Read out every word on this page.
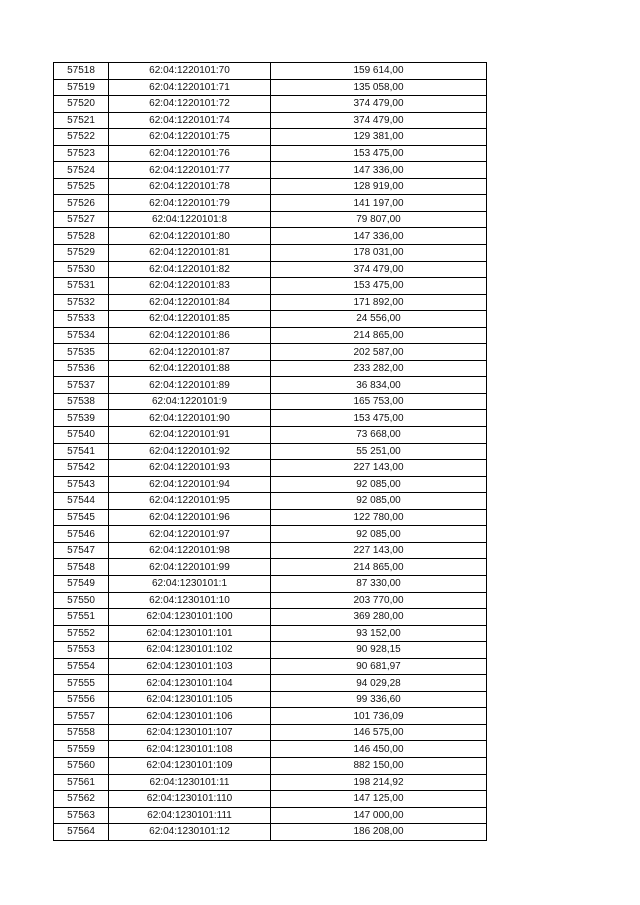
57518	62:04:1220101:70	159 614,00
57519	62:04:1220101:71	135 058,00
57520	62:04:1220101:72	374 479,00
57521	62:04:1220101:74	374 479,00
57522	62:04:1220101:75	129 381,00
57523	62:04:1220101:76	153 475,00
57524	62:04:1220101:77	147 336,00
57525	62:04:1220101:78	128 919,00
57526	62:04:1220101:79	141 197,00
57527	62:04:1220101:8	79 807,00
57528	62:04:1220101:80	147 336,00
57529	62:04:1220101:81	178 031,00
57530	62:04:1220101:82	374 479,00
57531	62:04:1220101:83	153 475,00
57532	62:04:1220101:84	171 892,00
57533	62:04:1220101:85	24 556,00
57534	62:04:1220101:86	214 865,00
57535	62:04:1220101:87	202 587,00
57536	62:04:1220101:88	233 282,00
57537	62:04:1220101:89	36 834,00
57538	62:04:1220101:9	165 753,00
57539	62:04:1220101:90	153 475,00
57540	62:04:1220101:91	73 668,00
57541	62:04:1220101:92	55 251,00
57542	62:04:1220101:93	227 143,00
57543	62:04:1220101:94	92 085,00
57544	62:04:1220101:95	92 085,00
57545	62:04:1220101:96	122 780,00
57546	62:04:1220101:97	92 085,00
57547	62:04:1220101:98	227 143,00
57548	62:04:1220101:99	214 865,00
57549	62:04:1230101:1	87 330,00
57550	62:04:1230101:10	203 770,00
57551	62:04:1230101:100	369 280,00
57552	62:04:1230101:101	93 152,00
57553	62:04:1230101:102	90 928,15
57554	62:04:1230101:103	90 681,97
57555	62:04:1230101:104	94 029,28
57556	62:04:1230101:105	99 336,60
57557	62:04:1230101:106	101 736,09
57558	62:04:1230101:107	146 575,00
57559	62:04:1230101:108	146 450,00
57560	62:04:1230101:109	882 150,00
57561	62:04:1230101:11	198 214,92
57562	62:04:1230101:110	147 125,00
57563	62:04:1230101:111	147 000,00
57564	62:04:1230101:12	186 208,00
